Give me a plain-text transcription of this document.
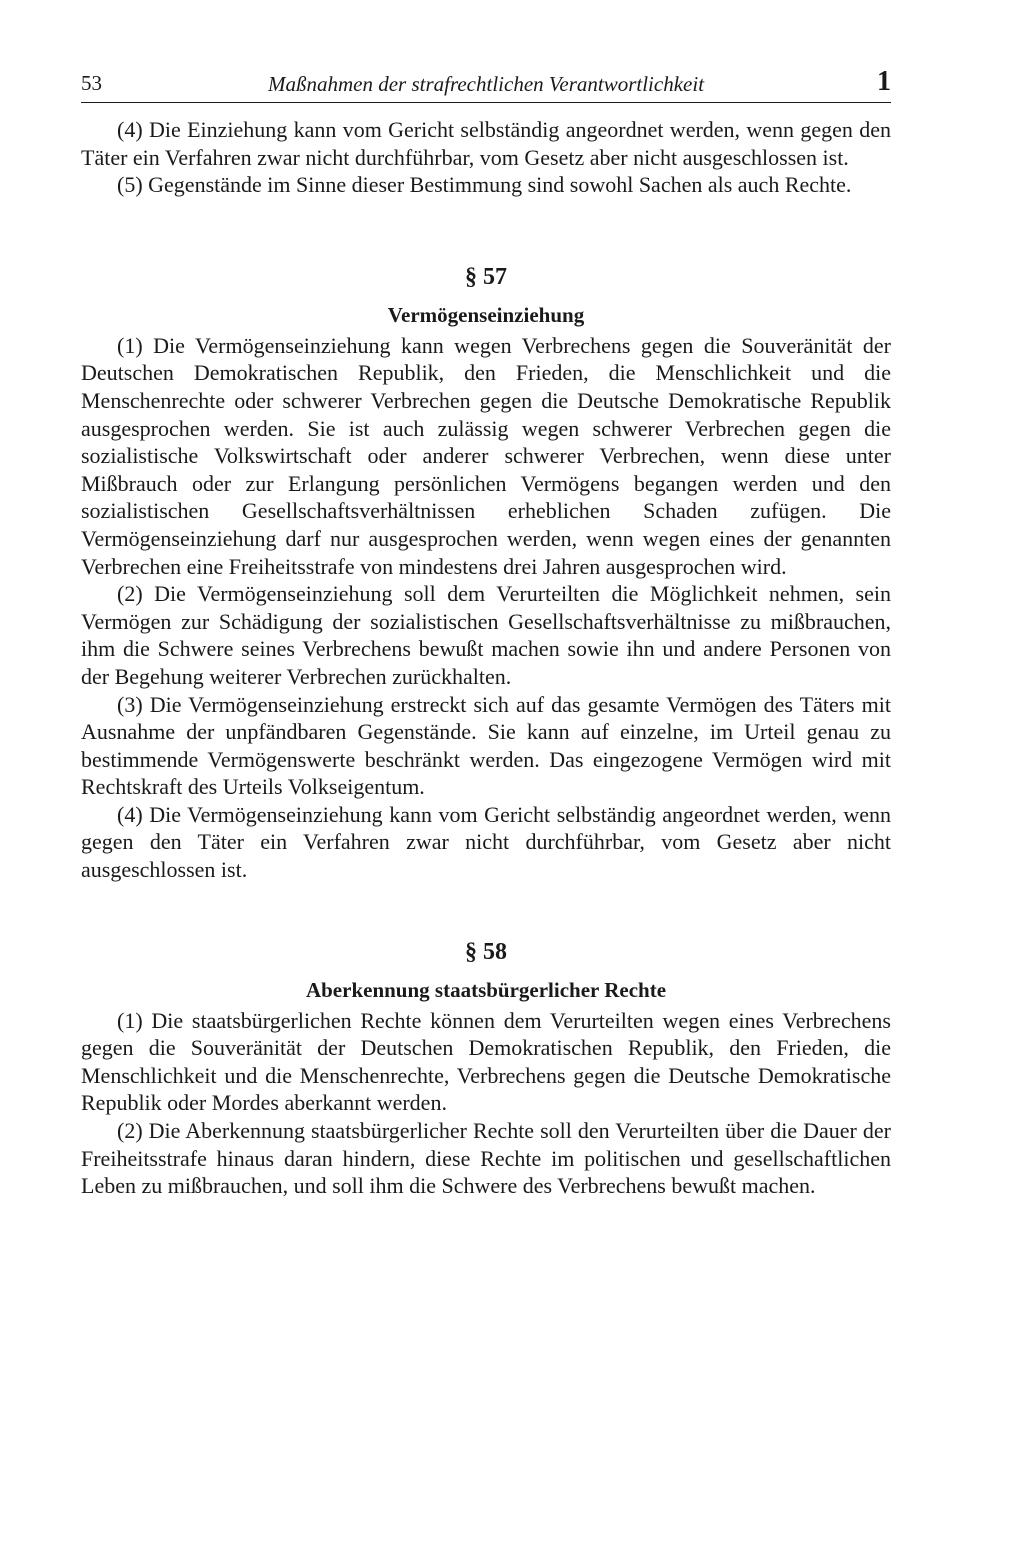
53	Maßnahmen der strafrechtlichen Verantwortlichkeit	1

(4) Die Einziehung kann vom Gericht selbständig angeordnet werden, wenn gegen den Täter ein Verfahren zwar nicht durchführbar, vom Gesetz aber nicht ausgeschlossen ist.

(5) Gegenstände im Sinne dieser Bestimmung sind sowohl Sachen als auch Rechte.

§ 57

Vermögenseinziehung

(1) Die Vermögenseinziehung kann wegen Verbrechens gegen die Souveränität der Deutschen Demokratischen Republik, den Frieden, die Menschlichkeit und die Menschenrechte oder schwerer Verbrechen gegen die Deutsche Demokratische Republik ausgesprochen werden. Sie ist auch zulässig wegen schwerer Verbrechen gegen die sozialistische Volkswirtschaft oder anderer schwerer Verbrechen, wenn diese unter Mißbrauch oder zur Erlangung persönlichen Vermögens begangen werden und den sozialistischen Gesellschaftsverhältnissen erheblichen Schaden zufügen. Die Vermögenseinziehung darf nur ausgesprochen werden, wenn wegen eines der genannten Verbrechen eine Freiheitsstrafe von mindestens drei Jahren ausgesprochen wird.

(2) Die Vermögenseinziehung soll dem Verurteilten die Möglichkeit nehmen, sein Vermögen zur Schädigung der sozialistischen Gesellschaftsverhältnisse zu mißbrauchen, ihm die Schwere seines Verbrechens bewußt machen sowie ihn und andere Personen von der Begehung weiterer Verbrechen zurückhalten.

(3) Die Vermögenseinziehung erstreckt sich auf das gesamte Vermögen des Täters mit Ausnahme der unpfändbaren Gegenstände. Sie kann auf einzelne, im Urteil genau zu bestimmende Vermögenswerte beschränkt werden. Das eingezogene Vermögen wird mit Rechtskraft des Urteils Volkseigentum.

(4) Die Vermögenseinziehung kann vom Gericht selbständig angeordnet werden, wenn gegen den Täter ein Verfahren zwar nicht durchführbar, vom Gesetz aber nicht ausgeschlossen ist.

§ 58

Aberkennung staatsbürgerlicher Rechte

(1) Die staatsbürgerlichen Rechte können dem Verurteilten wegen eines Verbrechens gegen die Souveränität der Deutschen Demokratischen Republik, den Frieden, die Menschlichkeit und die Menschenrechte, Verbrechens gegen die Deutsche Demokratische Republik oder Mordes aberkannt werden.

(2) Die Aberkennung staatsbürgerlicher Rechte soll den Verurteilten über die Dauer der Freiheitsstrafe hinaus daran hindern, diese Rechte im politischen und gesellschaftlichen Leben zu mißbrauchen, und soll ihm die Schwere des Verbrechens bewußt machen.
